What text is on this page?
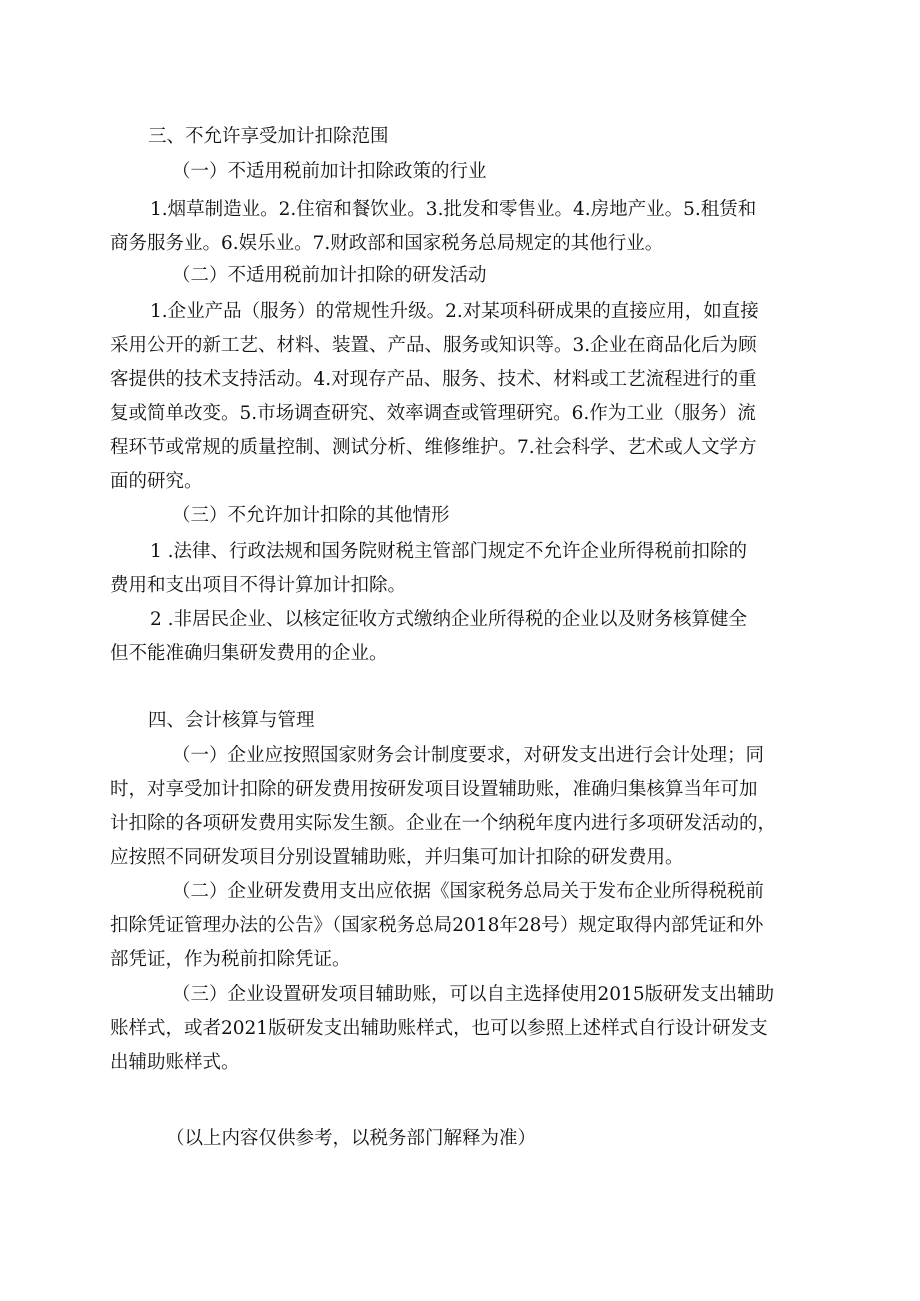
三、不允许享受加计扣除范围

（一）不适用税前加计扣除政策的行业

1.烟草制造业。2.住宿和餐饮业。3.批发和零售业。4.房地产业。5.租赁和

商务服务业。6.娱乐业。7.财政部和国家税务总局规定的其他行业。

（二）不适用税前加计扣除的研发活动

1.企业产品（服务）的常规性升级。2.对某项科研成果的直接应用，如直接

采用公开的新工艺、材料、装置、产品、服务或知识等。3.企业在商品化后为顾

客提供的技术支持活动。4.对现存产品、服务、技术、材料或工艺流程进行的重

复或简单改变。5.市场调查研究、效率调查或管理研究。6.作为工业（服务）流

程环节或常规的质量控制、测试分析、维修维护。7.社会科学、艺术或人文学方

面的研究。

（三）不允许加计扣除的其他情形

1 .法律、行政法规和国务院财税主管部门规定不允许企业所得税前扣除的

费用和支出项目不得计算加计扣除。

2 .非居民企业、以核定征收方式缴纳企业所得税的企业以及财务核算健全

但不能准确归集研发费用的企业。

四、会计核算与管理

（一）企业应按照国家财务会计制度要求，对研发支出进行会计处理；同

时，对享受加计扣除的研发费用按研发项目设置辅助账，准确归集核算当年可加

计扣除的各项研发费用实际发生额。企业在一个纳税年度内进行多项研发活动的，

应按照不同研发项目分别设置辅助账，并归集可加计扣除的研发费用。

（二）企业研发费用支出应依据《国家税务总局关于发布企业所得税税前

扣除凭证管理办法的公告》（国家税务总局2018年28号）规定取得内部凭证和外

部凭证，作为税前扣除凭证。

（三）企业设置研发项目辅助账，可以自主选择使用2015版研发支出辅助

账样式，或者2021版研发支出辅助账样式，也可以参照上述样式自行设计研发支

出辅助账样式。

（以上内容仅供参考，以税务部门解释为准）
